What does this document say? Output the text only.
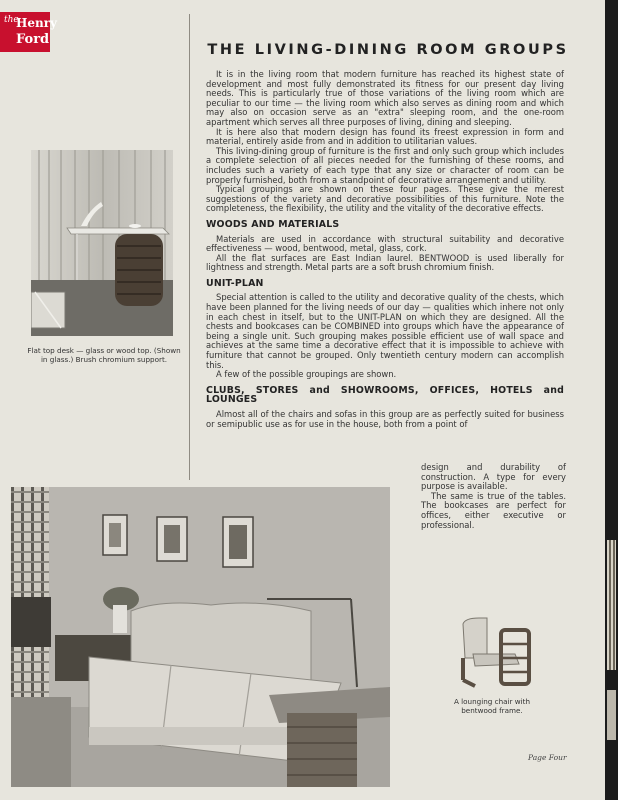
the
Henry
Ford
Flat top desk — glass or wood top. (Shown in glass.) Brush chromium support.
THE LIVING-DINING ROOM GROUPS

It is in the living room that modern furniture has reached its highest state of development and most fully demonstrated its fitness for our present day living needs. This is particularly true of those variations of the living room which are peculiar to our time — the living room which also serves as dining room and which may also on occasion serve as an "extra" sleeping room, and the one-room apartment which serves all three purposes of living, dining and sleeping.

It is here also that modern design has found its freest expression in form and material, entirely aside from and in addition to utilitarian values.

This living-dining group of furniture is the first and only such group which includes a complete selection of all pieces needed for the furnishing of these rooms, and includes such a variety of each type that any size or character of room can be properly furnished, both from a standpoint of decorative arrangement and utility.

Typical groupings are shown on these four pages. These give the merest suggestions of the variety and decorative possibilities of this furniture. Note the completeness, the flexibility, the utility and the vitality of the decorative effects.

WOODS AND MATERIALS

Materials are used in accordance with structural suitability and decorative effectiveness — wood, bentwood, metal, glass, cork.

All the flat surfaces are East Indian laurel. BENTWOOD is used liberally for lightness and strength. Metal parts are a soft brush chromium finish.

UNIT-PLAN

Special attention is called to the utility and decorative quality of the chests, which have been planned for the living needs of our day — qualities which inhere not only in each chest in itself, but to the UNIT-PLAN on which they are designed. All the chests and bookcases can be COMBINED into groups which have the appearance of being a single unit. Such grouping makes possible efficient use of wall space and achieves at the same time a decorative effect that it is impossible to achieve with furniture that cannot be grouped. Only twentieth century modern can accomplish this.

A few of the possible groupings are shown.

CLUBS, STORES and SHOWROOMS, OFFICES, HOTELS and LOUNGES

Almost all of the chairs and sofas in this group are as perfectly suited for business or semipublic use as for use in the house, both from a point of

design and durability of construction. A type for every purpose is available.

The same is true of the tables. The bookcases are perfect for offices, either executive or professional.

A lounging chair with bentwood frame.
Page Four
